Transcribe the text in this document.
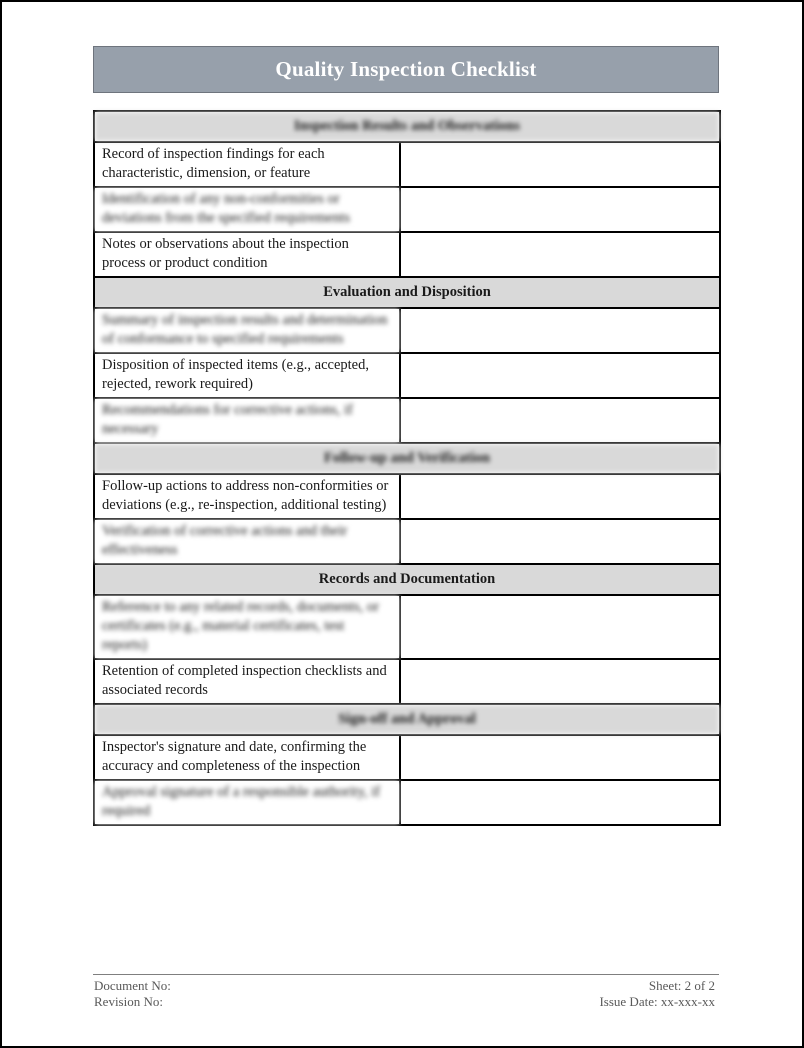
Quality Inspection Checklist
Inspection Results and Observations	
Record of inspection findings for each characteristic, dimension, or feature	
Identification of any non-conformities or deviations from the specified requirements	
Notes or observations about the inspection process or product condition	
Evaluation and Disposition	
Summary of inspection results and determination of conformance to specified requirements	
Disposition of inspected items (e.g., accepted, rejected, rework required)	
Recommendations for corrective actions, if necessary	
Follow-up and Verification	
Follow-up actions to address non-conformities or deviations (e.g., re-inspection, additional testing)	
Verification of corrective actions and their effectiveness	
Records and Documentation	
Reference to any related records, documents, or certificates (e.g., material certificates, test reports)	
Retention of completed inspection checklists and associated records	
Sign-off and Approval	
Inspector's signature and date, confirming the accuracy and completeness of the inspection	
Approval signature of a responsible authority, if required	
Document No:
Revision No:
Sheet: 2 of 2
Issue Date: xx-xxx-xx
